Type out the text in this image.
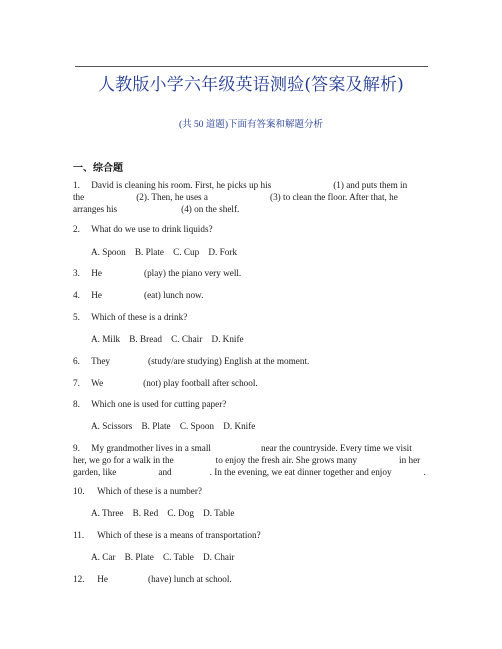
人教版小学六年级英语测验(答案及解析)
(共 50 道题)下面有答案和解题分析
一、综合题
1. David is cleaning his room. First, he picks up his	(1) and puts them in
the	(2). Then, he uses a	(3) to clean the floor. After that, he
arranges his	(4) on the shelf.
2. What do we use to drink liquids?
A. Spoon    B. Plate    C. Cup    D. Fork
3. He	(play) the piano very well.
4. He	(eat) lunch now.
5. Which of these is a drink?
A. Milk    B. Bread    C. Chair    D. Knife
6. They	(study/are studying) English at the moment.
7. We	(not) play football after school.
8. Which one is used for cutting paper?
A. Scissors    B. Plate    C. Spoon    D. Knife
9. My grandmother lives in a small	near the countryside. Every time we visit
her, we go for a walk in the	to enjoy the fresh air. She grows many	in her
garden, like	and	. In the evening, we eat dinner together and enjoy	.
10. Which of these is a number?
A. Three    B. Red    C. Dog    D. Table
11. Which of these is a means of transportation?
A. Car    B. Plate    C. Table    D. Chair
12. He	(have) lunch at school.
